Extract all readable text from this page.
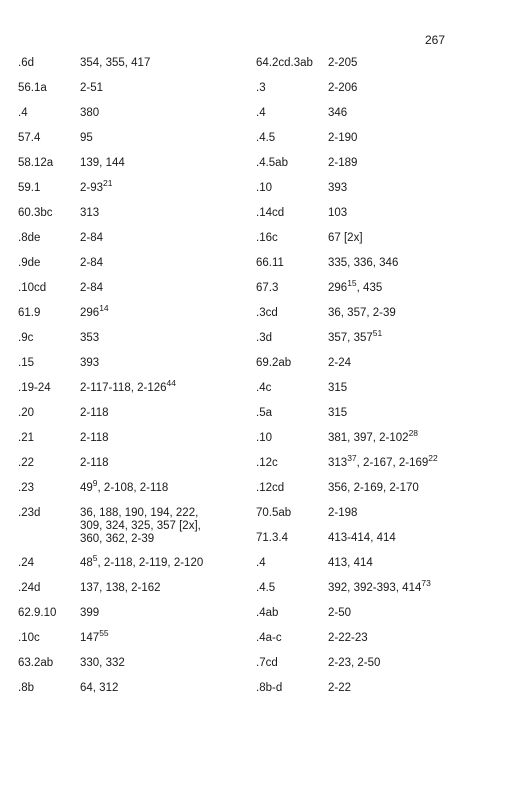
267
.6d	354, 355, 417
56.1a	2-51
.4	380
57.4	95
58.12a 139, 144
59.1	$2-93^{21}$
60.3bc 313
.8de	2-84
.9de	2-84
.10cd	2-84
61.9	$296^{14}$
.9c	353
.15	393
.19-24	2-117-118, $2-126^{44}$
.20	2-118
.21	2-118
.22	2-118
.23	$49^9$, 2-108, 2-118
.23d	36, 188, 190, 194, 222,
309, 324, 325, 357 [2x],
360, 362, 2-39
.24	$48^5$, 2-118, 2-119, 2-120
.24d	137, 138, 2-162
62.9.10 399
.10c	$147^{55}$
63.2ab 330, 332
.8b	64, 312
64.2cd.3ab 2-205
.3	2-206
.4	346
.4.5	2-190
.4.5ab	2-189
.10	393
.14cd	103
.16c	67 [2x]
66.11	335, 336, 346
67.3	$296^{15}$, 435
.3cd	36, 357, 2-39
.3d	357, $357^{51}$
69.2ab	2-24
.4c	315
.5a	315
.10	381, 397, $2-102^{28}$
.12c	$313^{37}$, 2-167, $2-169^{22}$
.12cd	356, 2-169, 2-170
70.5ab	2-198
71.3.4	413-414, 414
.4	413, 414
.4.5	392, 392-393, $414^{73}$
.4ab	2-50
.4a-c	2-22-23
.7cd	2-23, 2-50
.8b-d	2-22
